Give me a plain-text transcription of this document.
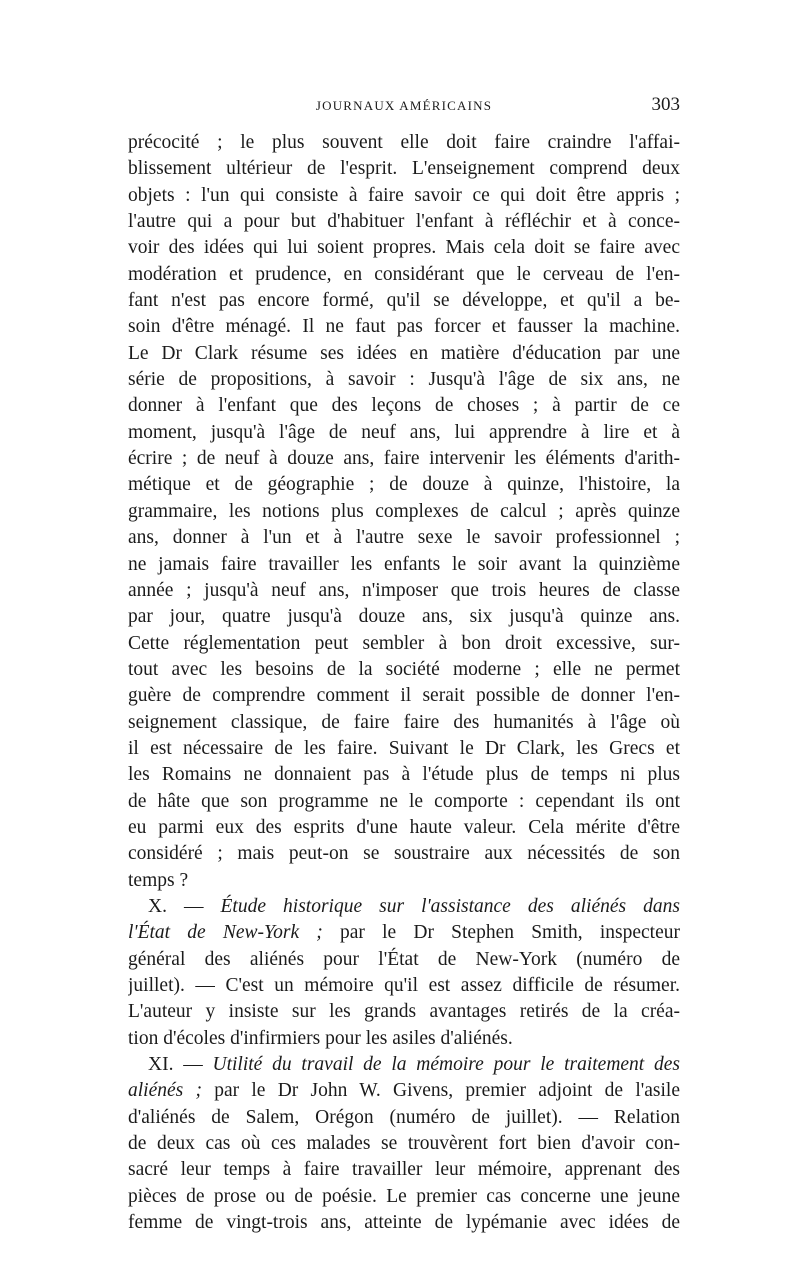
JOURNAUX AMÉRICAINS	303
précocité ; le plus souvent elle doit faire craindre l'affai-
blissement ultérieur de l'esprit. L'enseignement comprend deux
objets : l'un qui consiste à faire savoir ce qui doit être appris ;
l'autre qui a pour but d'habituer l'enfant à réfléchir et à conce-
voir des idées qui lui soient propres. Mais cela doit se faire avec
modération et prudence, en considérant que le cerveau de l'en-
fant n'est pas encore formé, qu'il se développe, et qu'il a be-
soin d'être ménagé. Il ne faut pas forcer et fausser la machine.
Le Dr Clark résume ses idées en matière d'éducation par une
série de propositions, à savoir : Jusqu'à l'âge de six ans, ne
donner à l'enfant que des leçons de choses ; à partir de ce
moment, jusqu'à l'âge de neuf ans, lui apprendre à lire et à
écrire ; de neuf à douze ans, faire intervenir les éléments d'arith-
métique et de géographie ; de douze à quinze, l'histoire, la
grammaire, les notions plus complexes de calcul ; après quinze
ans, donner à l'un et à l'autre sexe le savoir professionnel ;
ne jamais faire travailler les enfants le soir avant la quinzième
année ; jusqu'à neuf ans, n'imposer que trois heures de classe
par jour, quatre jusqu'à douze ans, six jusqu'à quinze ans.
Cette réglementation peut sembler à bon droit excessive, sur-
tout avec les besoins de la société moderne ; elle ne permet
guère de comprendre comment il serait possible de donner l'en-
seignement classique, de faire faire des humanités à l'âge où
il est nécessaire de les faire. Suivant le Dr Clark, les Grecs et
les Romains ne donnaient pas à l'étude plus de temps ni plus
de hâte que son programme ne le comporte : cependant ils ont
eu parmi eux des esprits d'une haute valeur. Cela mérite d'être
considéré ; mais peut-on se soustraire aux nécessités de son
temps ?
X. — Étude historique sur l'assistance des aliénés dans
l'État de New-York ; par le Dr Stephen Smith, inspecteur
général des aliénés pour l'État de New-York (numéro de
juillet). — C'est un mémoire qu'il est assez difficile de résumer.
L'auteur y insiste sur les grands avantages retirés de la créa-
tion d'écoles d'infirmiers pour les asiles d'aliénés.
XI. — Utilité du travail de la mémoire pour le traitement des
aliénés ; par le Dr John W. Givens, premier adjoint de l'asile
d'aliénés de Salem, Orégon (numéro de juillet). — Relation
de deux cas où ces malades se trouvèrent fort bien d'avoir con-
sacré leur temps à faire travailler leur mémoire, apprenant des
pièces de prose ou de poésie. Le premier cas concerne une jeune
femme de vingt-trois ans, atteinte de lypémanie avec idées de
